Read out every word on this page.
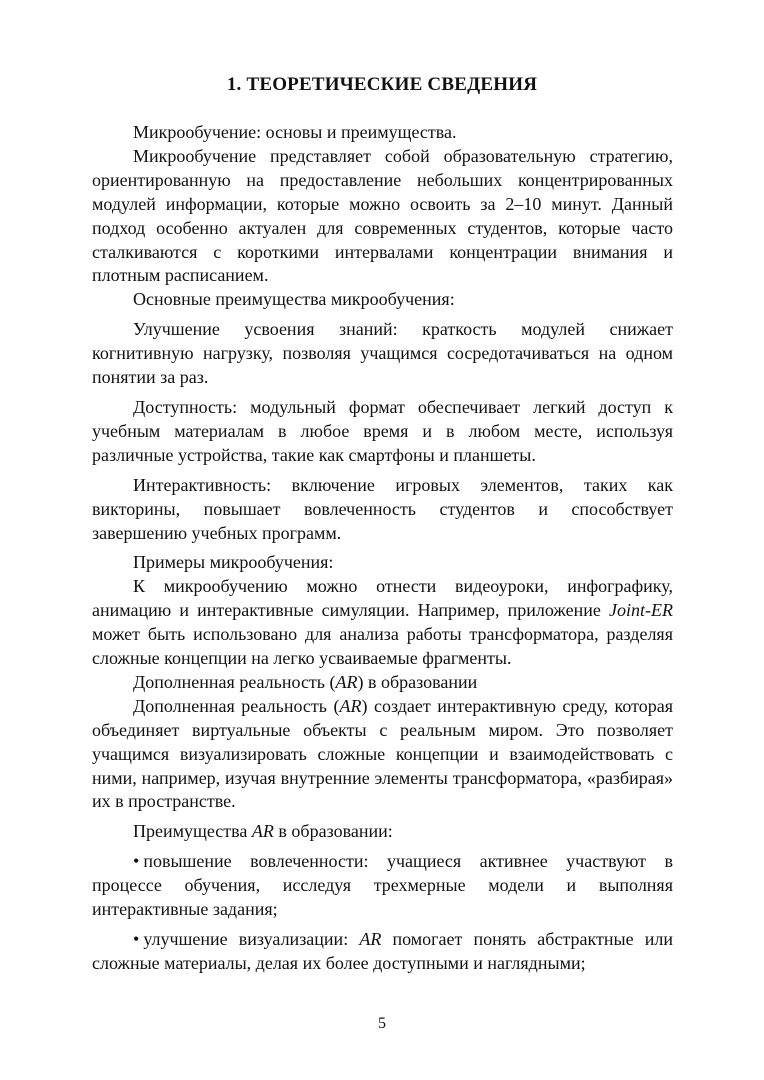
1. ТЕОРЕТИЧЕСКИЕ СВЕДЕНИЯ

Микрообучение: основы и преимущества.

Микрообучение представляет собой образовательную стратегию, ориентированную на предоставление небольших концентрированных модулей информации, которые можно освоить за 2–10 минут. Данный подход особенно актуален для современных студентов, которые часто сталкиваются с короткими интервалами концентрации внимания и плотным расписанием.

Основные преимущества микрообучения:

Улучшение усвоения знаний: краткость модулей снижает когнитивную нагрузку, позволяя учащимся сосредотачиваться на одном понятии за раз.

Доступность: модульный формат обеспечивает легкий доступ к учебным материалам в любое время и в любом месте, используя различные устройства, такие как смартфоны и планшеты.

Интерактивность: включение игровых элементов, таких как викторины, повышает вовлеченность студентов и способствует завершению учебных программ.

Примеры микрообучения:

К микрообучению можно отнести видеоуроки, инфографику, анимацию и интерактивные симуляции. Например, приложение Joint-ER может быть использовано для анализа работы трансформатора, разделяя сложные концепции на легко усваиваемые фрагменты.

Дополненная реальность (AR) в образовании

Дополненная реальность (AR) создает интерактивную среду, которая объединяет виртуальные объекты с реальным миром. Это позволяет учащимся визуализировать сложные концепции и взаимодействовать с ними, например, изучая внутренние элементы трансформатора, «разбирая» их в пространстве.

Преимущества AR в образовании:

• повышение вовлеченности: учащиеся активнее участвуют в процессе обучения, исследуя трехмерные модели и выполняя интерактивные задания;

• улучшение визуализации: AR помогает понять абстрактные или сложные материалы, делая их более доступными и наглядными;

5
